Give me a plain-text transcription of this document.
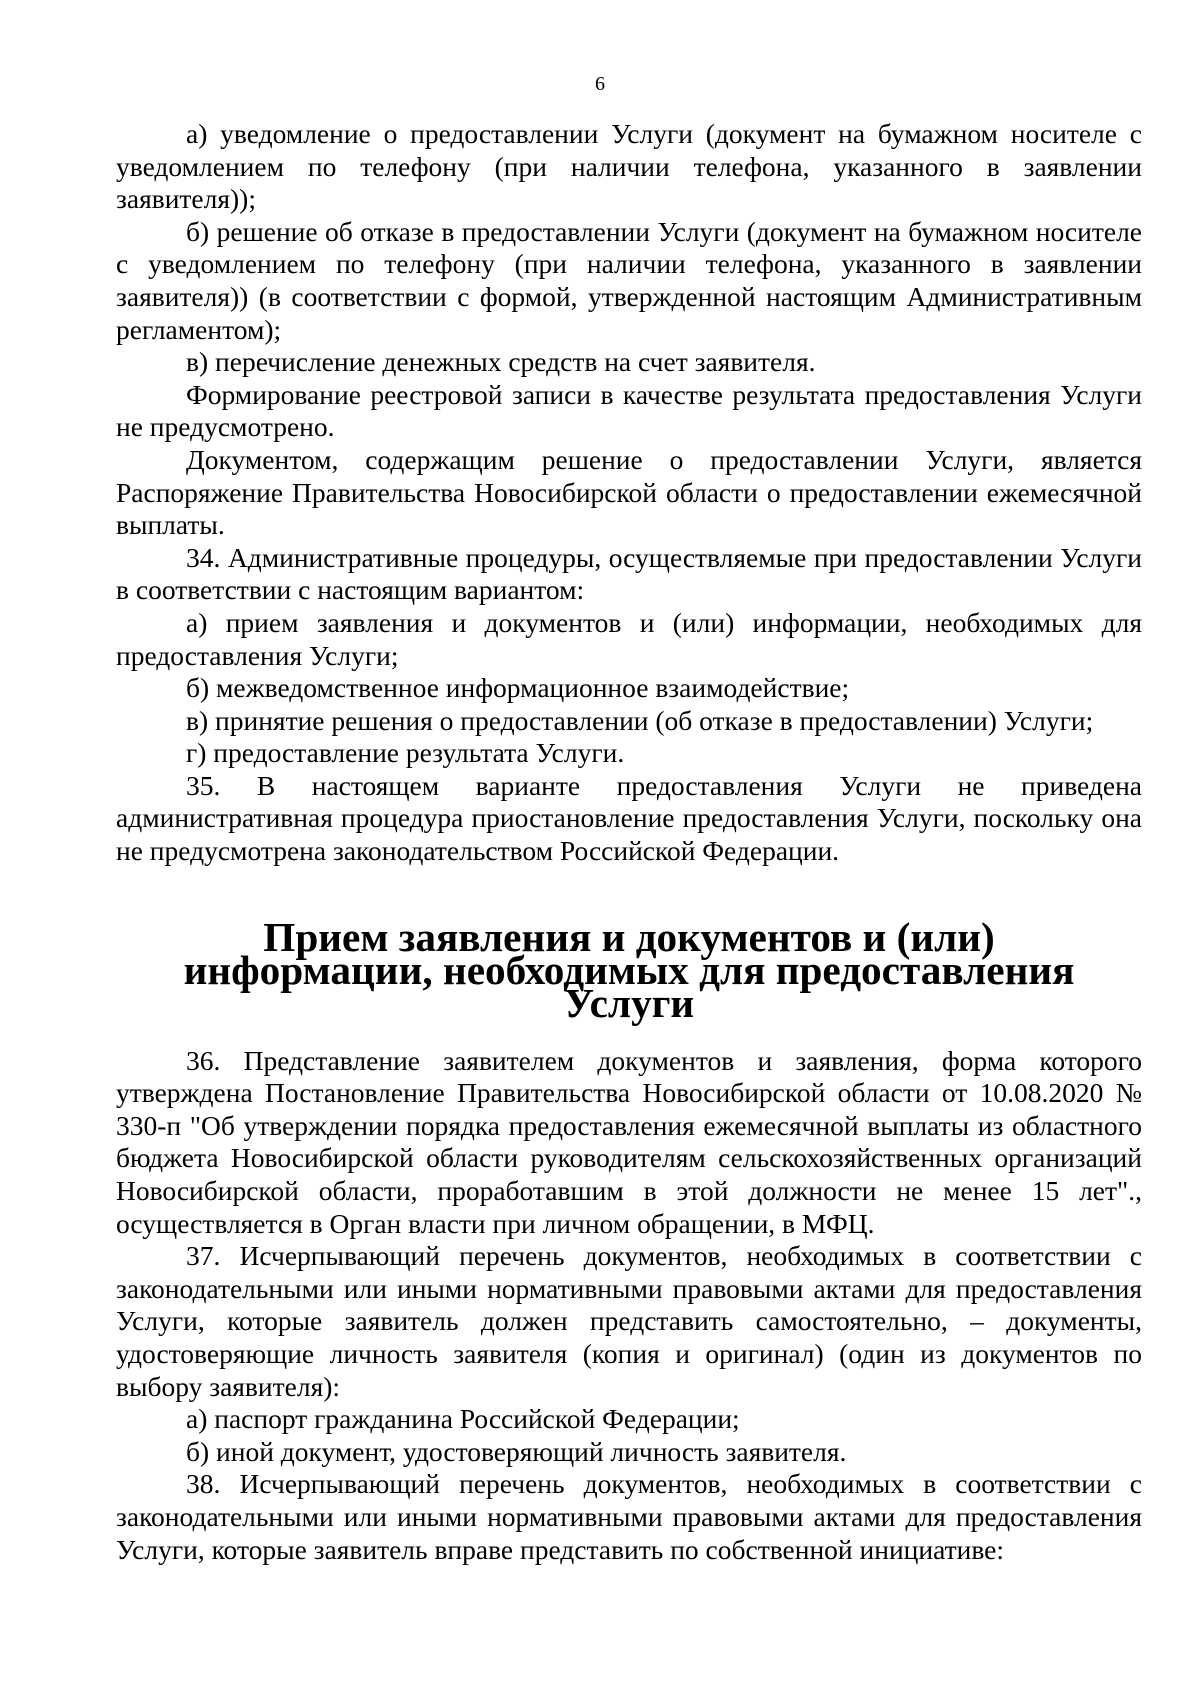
6

а) уведомление о предоставлении Услуги (документ на бумажном носителе с уведомлением по телефону (при наличии телефона, указанного в заявлении заявителя));

б) решение об отказе в предоставлении Услуги (документ на бумажном носителе с уведомлением по телефону (при наличии телефона, указанного в заявлении заявителя)) (в соответствии с формой, утвержденной настоящим Административным регламентом);

в) перечисление денежных средств на счет заявителя.

Формирование реестровой записи в качестве результата предоставления Услуги не предусмотрено.

Документом, содержащим решение о предоставлении Услуги, является Распоряжение Правительства Новосибирской области о предоставлении ежемесячной выплаты.

34. Административные процедуры, осуществляемые при предоставлении Услуги в соответствии с настоящим вариантом:

а) прием заявления и документов и (или) информации, необходимых для предоставления Услуги;

б) межведомственное информационное взаимодействие;

в) принятие решения о предоставлении (об отказе в предоставлении) Услуги;

г) предоставление результата Услуги.

35. В настоящем варианте предоставления Услуги не приведена административная процедура приостановление предоставления Услуги, поскольку она не предусмотрена законодательством Российской Федерации.

Прием заявления и документов и (или) информации, необходимых для предоставления Услуги

36. Представление заявителем документов и заявления, форма которого утверждена Постановление Правительства Новосибирской области от 10.08.2020 № 330-п "Об утверждении порядка предоставления ежемесячной выплаты из областного бюджета Новосибирской области руководителям сельскохозяйственных организаций Новосибирской области, проработавшим в этой должности не менее 15 лет"., осуществляется в Орган власти при личном обращении, в МФЦ.

37. Исчерпывающий перечень документов, необходимых в соответствии с законодательными или иными нормативными правовыми актами для предоставления Услуги, которые заявитель должен представить самостоятельно, – документы, удостоверяющие личность заявителя (копия и оригинал) (один из документов по выбору заявителя):

а) паспорт гражданина Российской Федерации;

б) иной документ, удостоверяющий личность заявителя.

38. Исчерпывающий перечень документов, необходимых в соответствии с законодательными или иными нормативными правовыми актами для предоставления Услуги, которые заявитель вправе представить по собственной инициативе:
